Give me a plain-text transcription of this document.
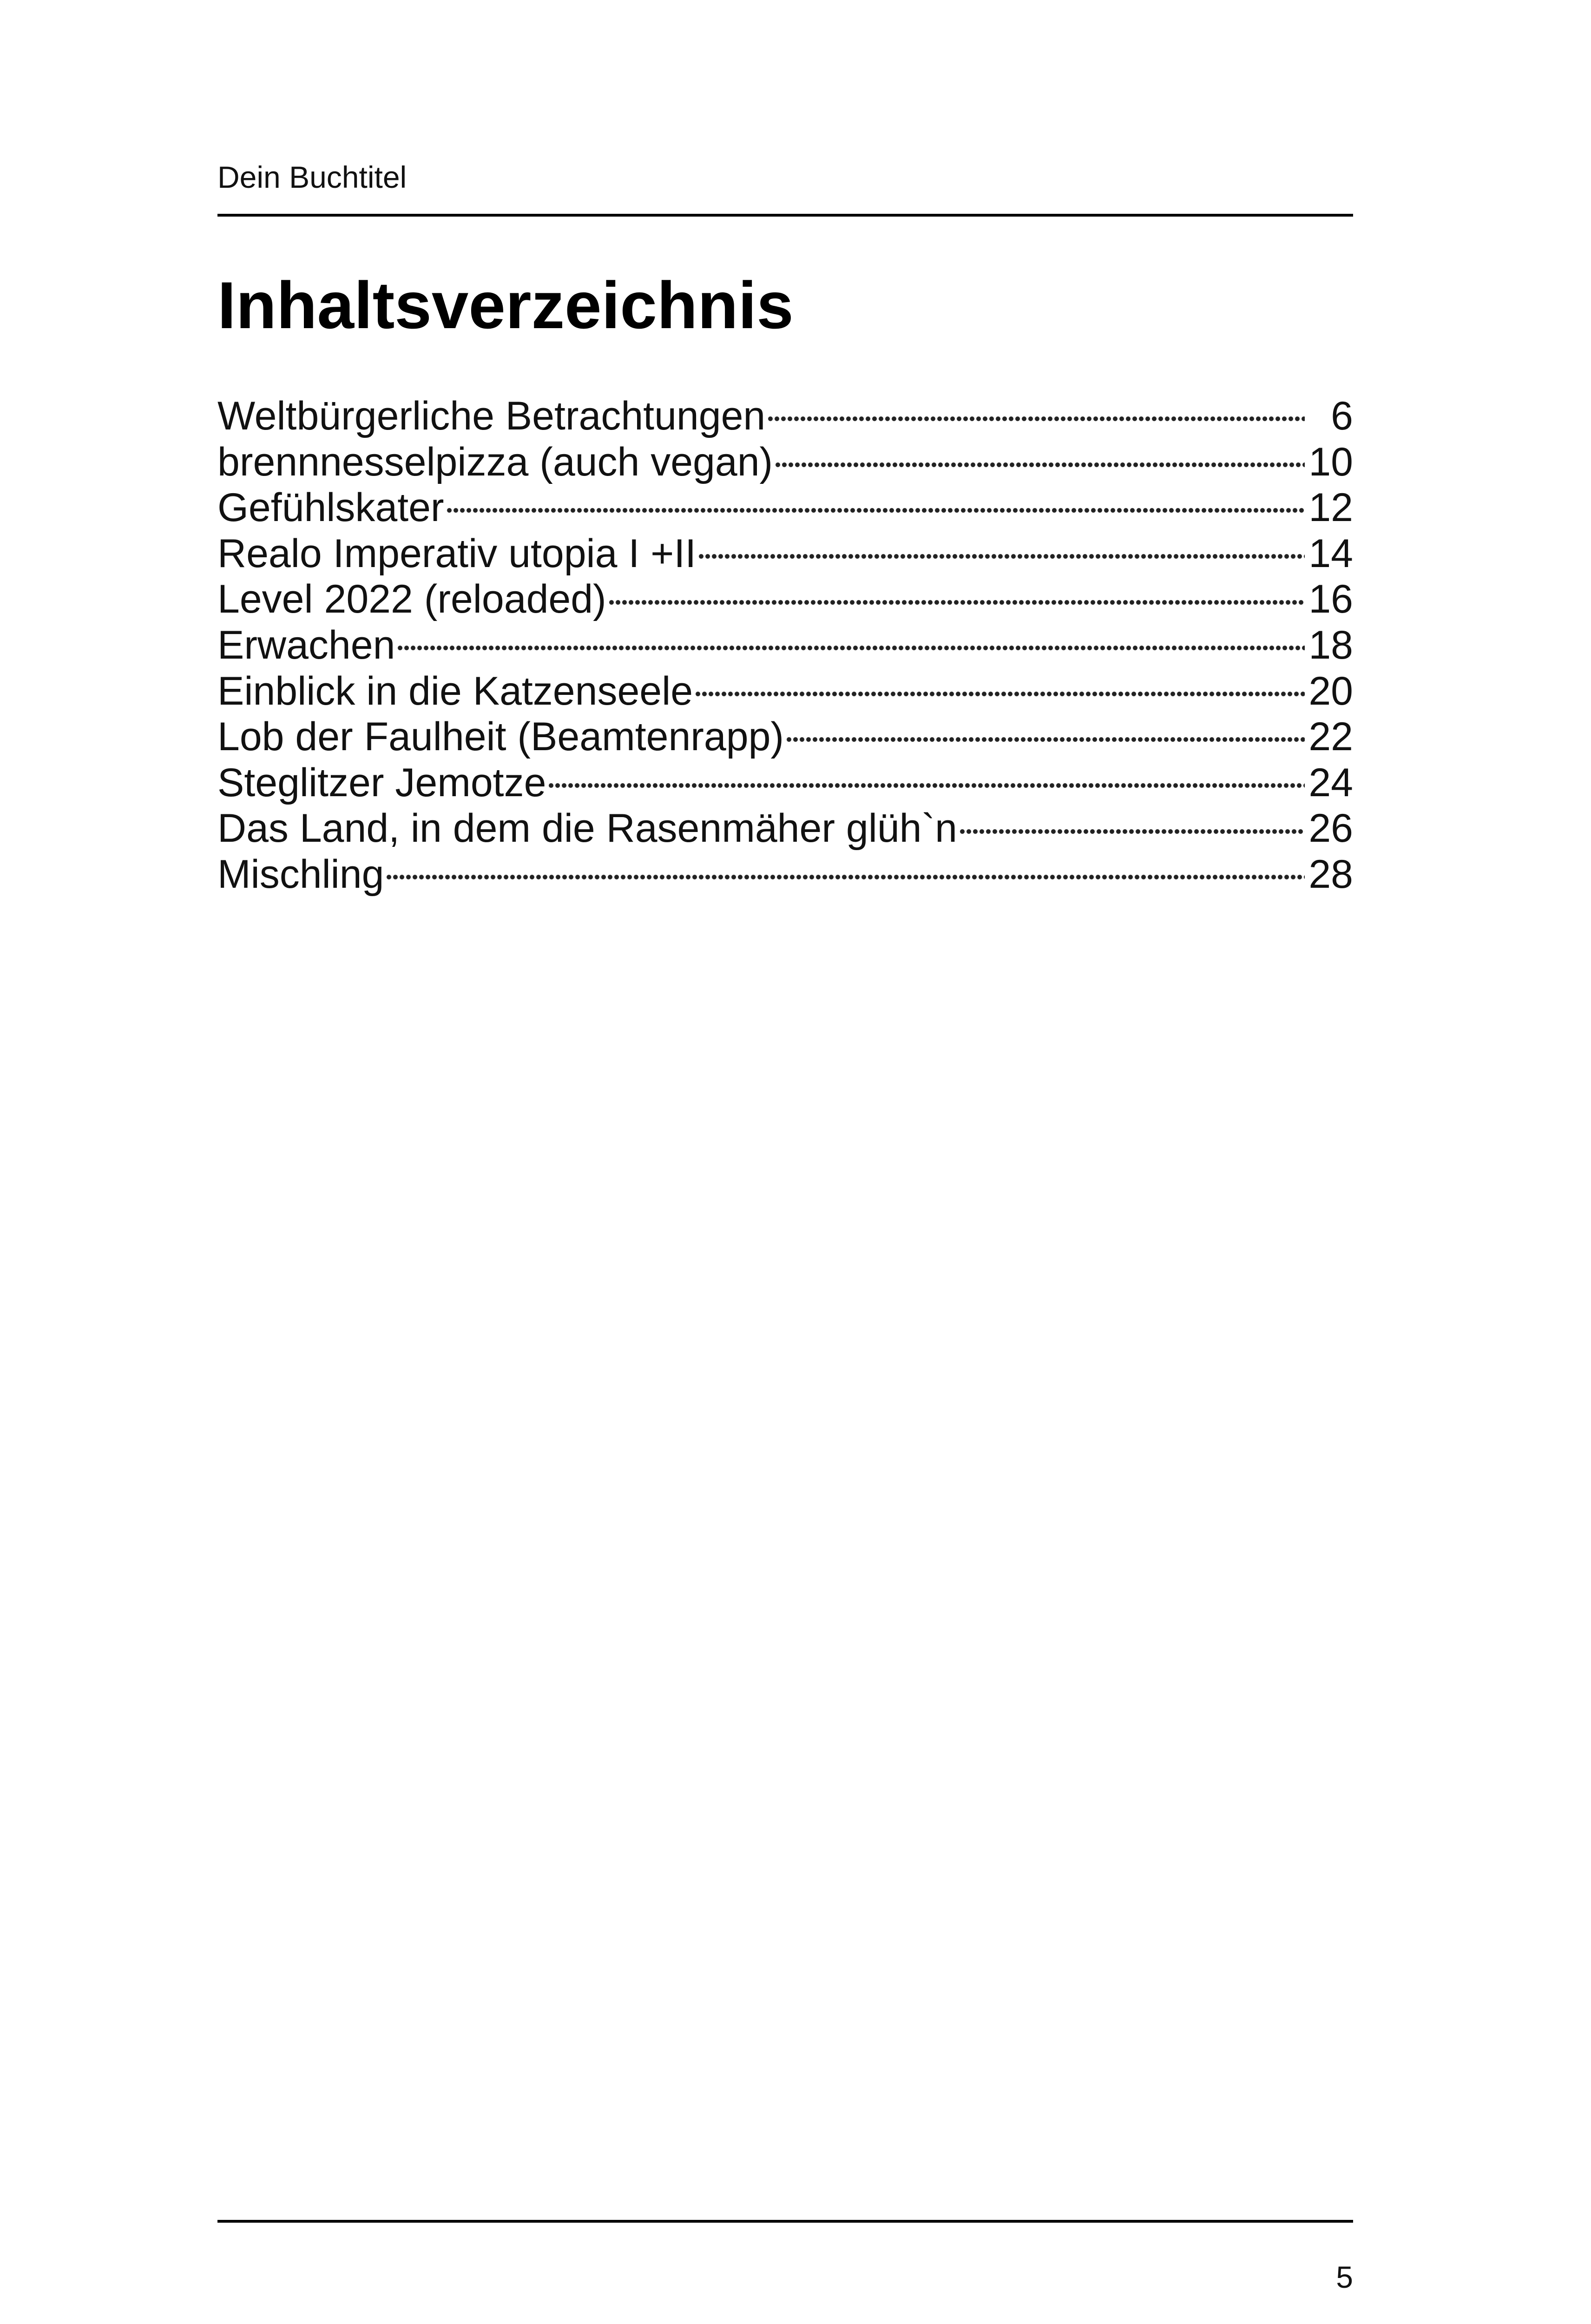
Dein Buchtitel
Inhaltsverzeichnis
Weltbürgerliche Betrachtungen	6
brennnesselpizza (auch vegan)	10
Gefühlskater	12
Realo Imperativ utopia I +II	14
Level 2022 (reloaded)	16
Erwachen	18
Einblick in die Katzenseele	20
Lob der Faulheit (Beamtenrapp)	22
Steglitzer Jemotze	24
Das Land, in dem die Rasenmäher glüh`n	26
Mischling	28
5
